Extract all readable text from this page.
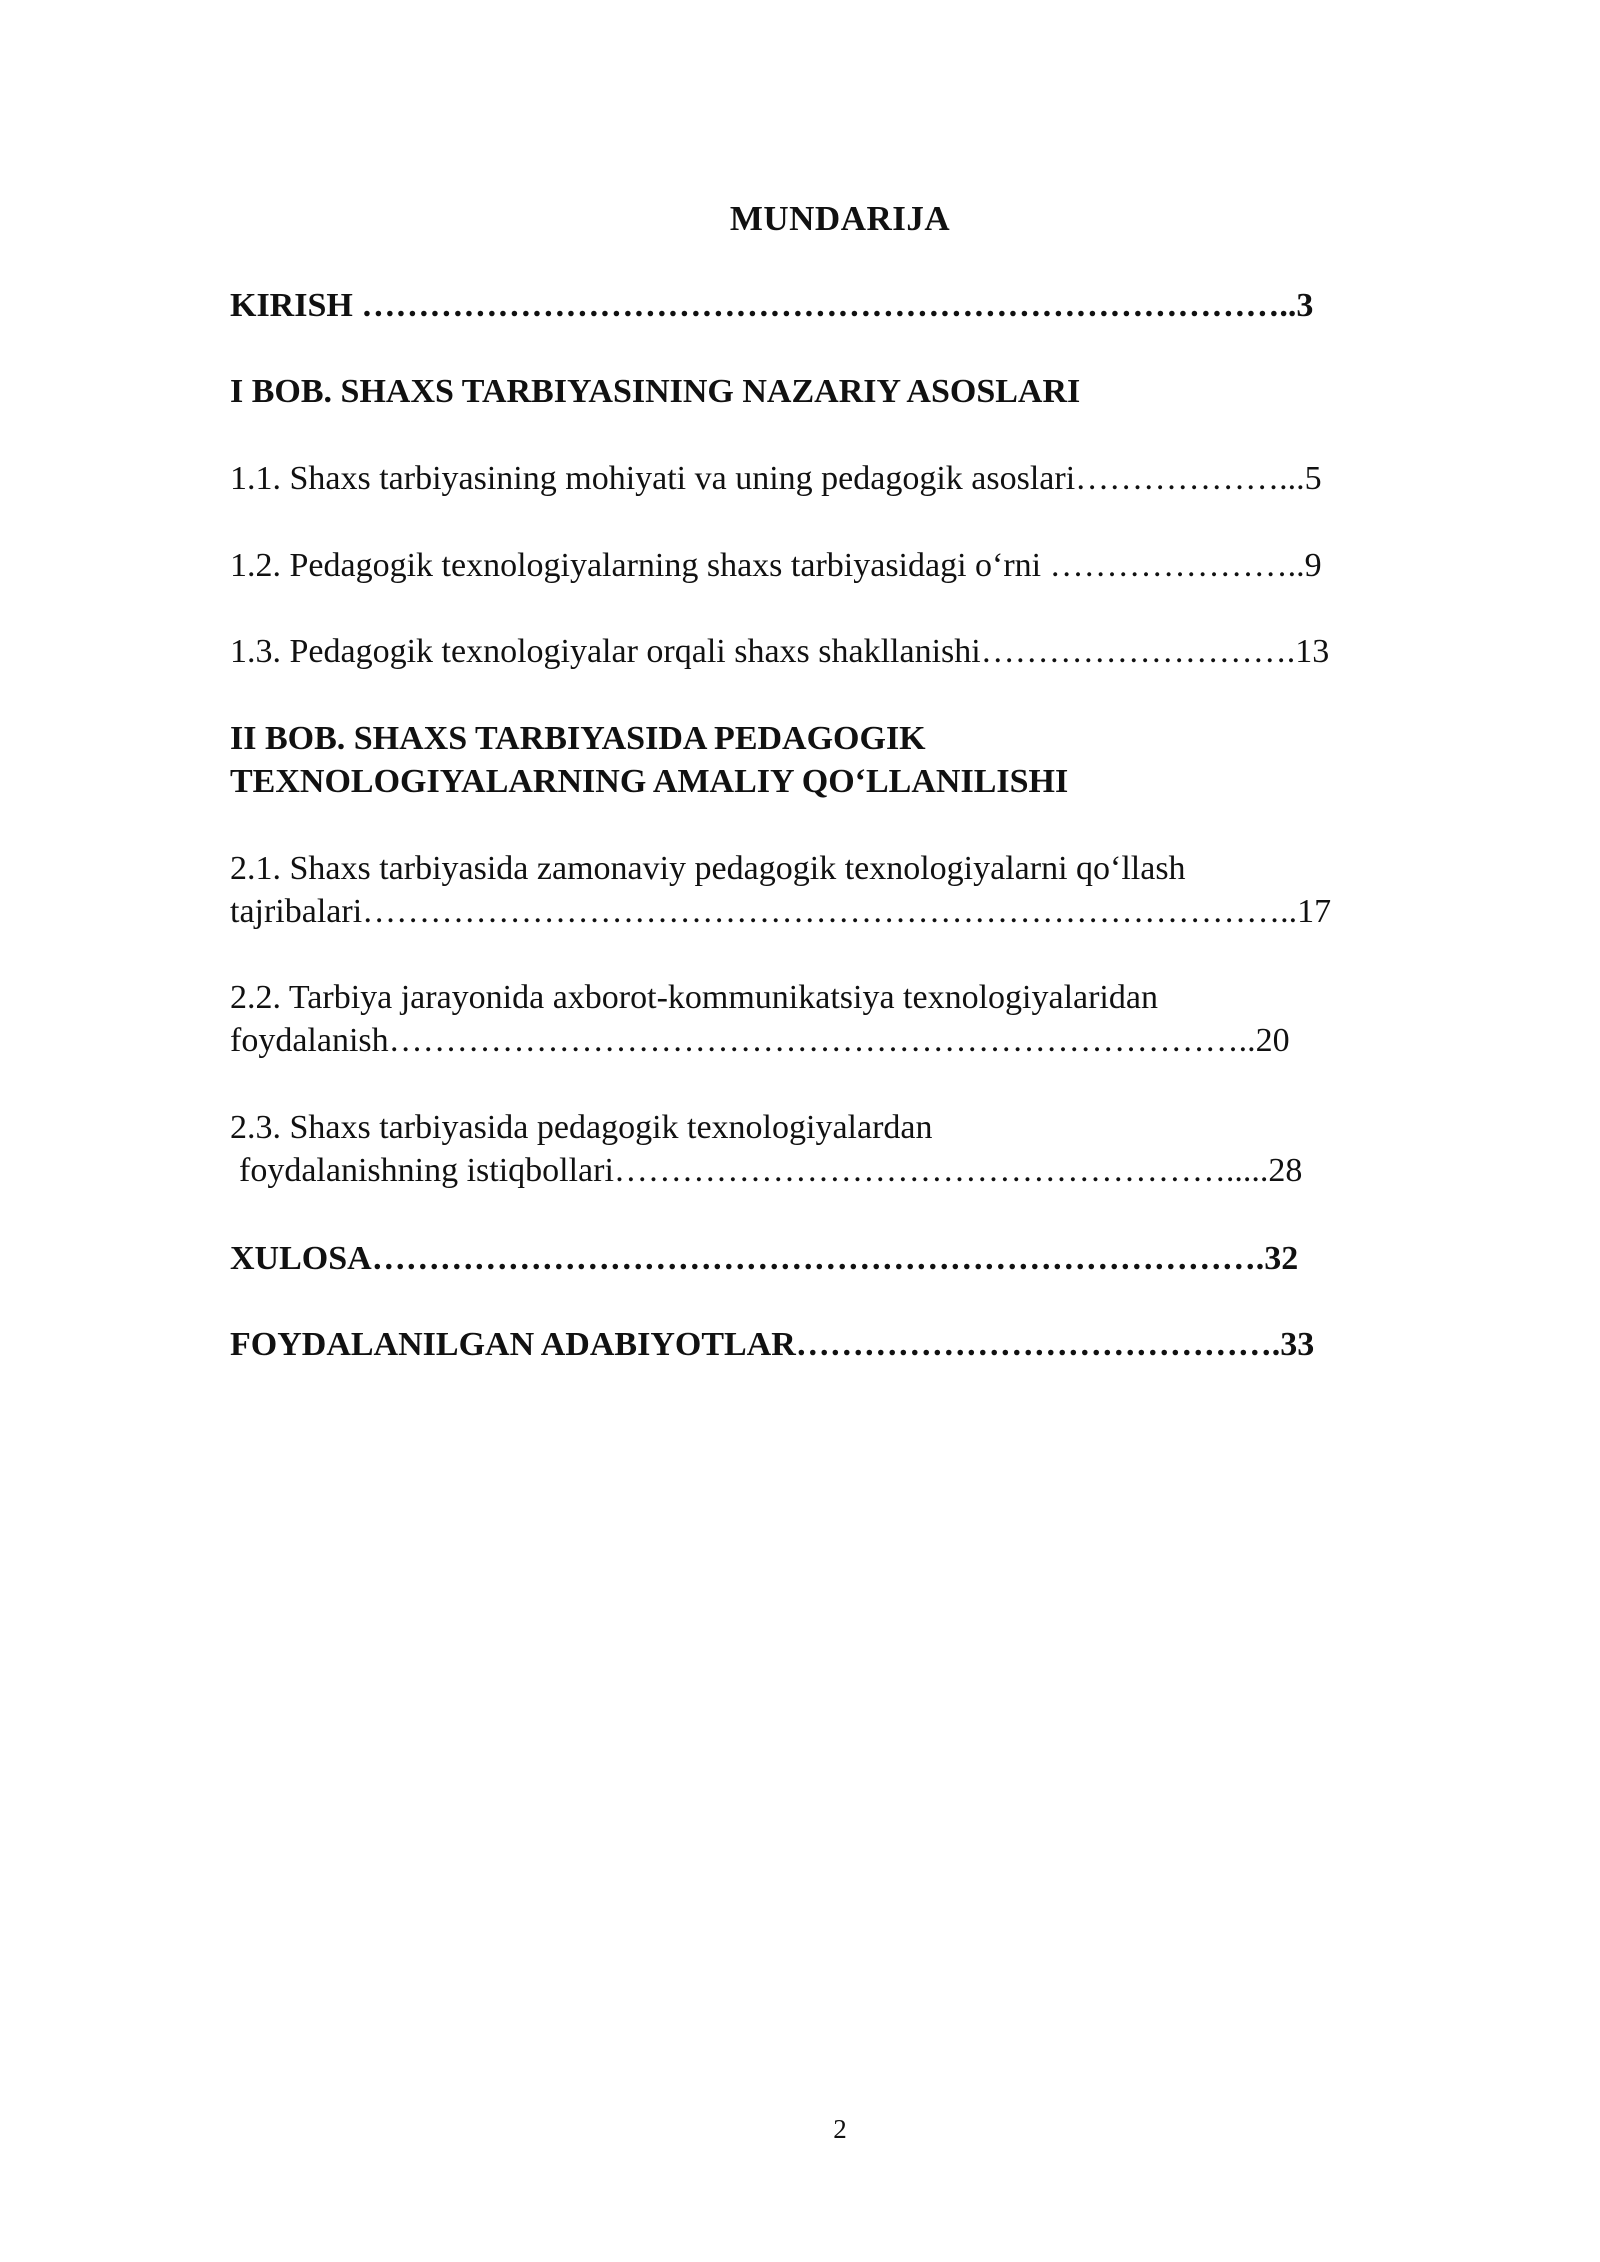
MUNDARIJA
KIRISH ………………………………………………………………………..3
I BOB. SHAXS TARBIYASINING NAZARIY ASOSLARI
1.1. Shaxs tarbiyasining mohiyati va uning pedagogik asoslari………………...5
1.2. Pedagogik texnologiyalarning shaxs tarbiyasidagi o‘rni …………………..9
1.3. Pedagogik texnologiyalar orqali shaxs shakllanishi……………………….13
II BOB. SHAXS TARBIYASIDA PEDAGOGIK
TEXNOLOGIYALARNING AMALIY QO‘LLANILISHI
2.1. Shaxs tarbiyasida zamonaviy pedagogik texnologiyalarni qo‘llash
tajribalari………………………………………………………………………..17
2.2. Tarbiya jarayonida axborot-kommunikatsiya texnologiyalaridan
foydalanish…………………………………………………………………..20
2.3. Shaxs tarbiyasida pedagogik texnologiyalardan
foydalanishning istiqbollari……………………………………………….....28
XULOSA…………………………………………………………………….32
FOYDALANILGAN ADABIYOTLAR…………………………………….33
2
